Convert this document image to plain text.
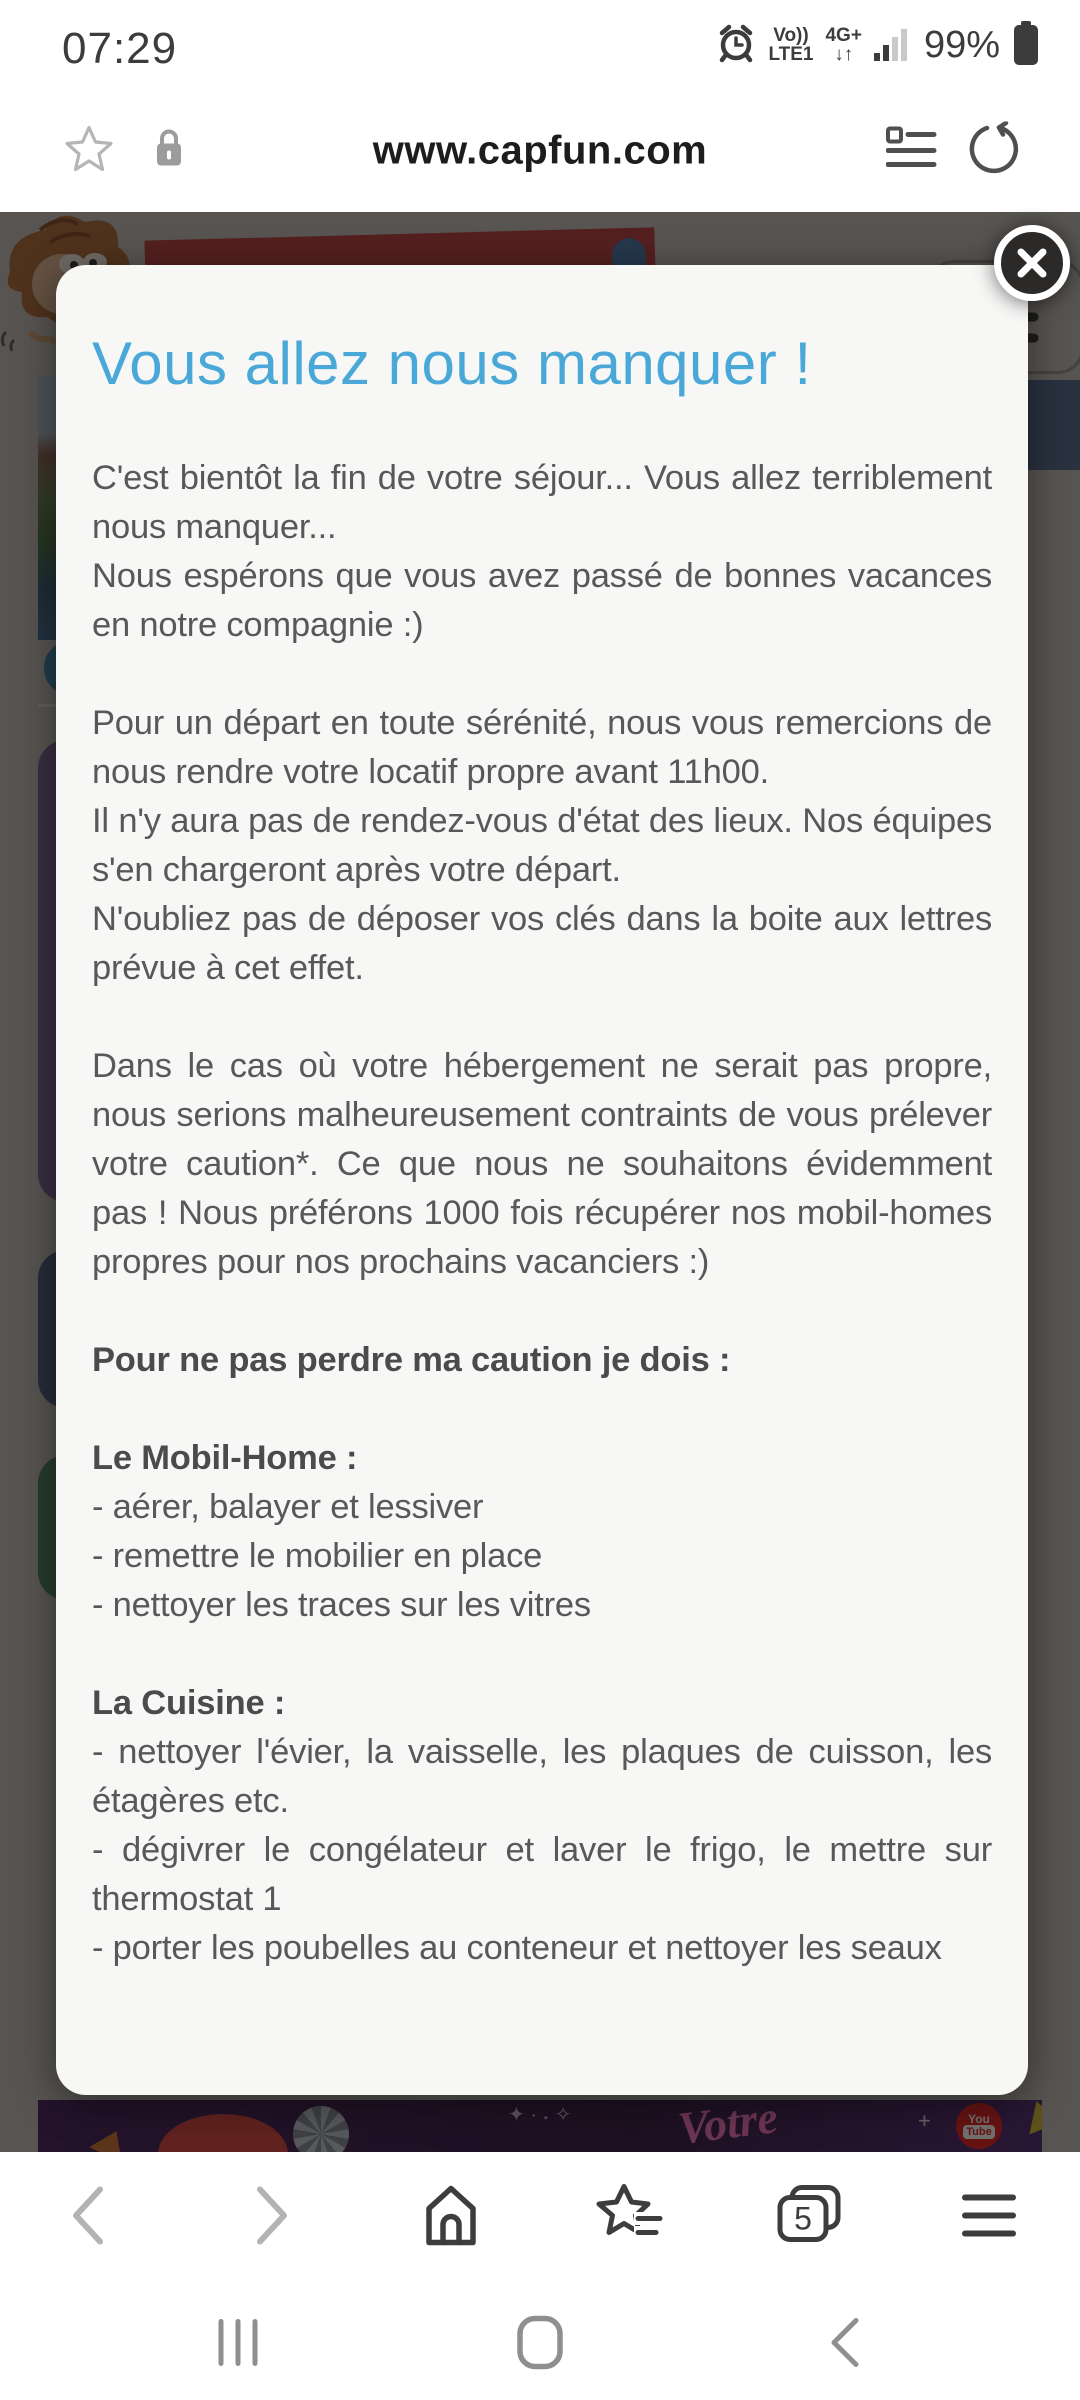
07:29	Vo))
LTE1
4G+
↓↑ 99%
www.capfun.com
Vous allez nous manquer !
C'est bientôt la fin de votre séjour... Vous allez terriblement nous manquer...
Nous espérons que vous avez passé de bonnes vacances en notre compagnie :)
Pour un départ en toute sérénité, nous vous remercions de nous rendre votre locatif propre avant 11h00.
Il n'y aura pas de rendez-vous d'état des lieux. Nos équipes s'en chargeront après votre départ.
N'oubliez pas de déposer vos clés dans la boite aux lettres prévue à cet effet.
Dans le cas où votre hébergement ne serait pas propre, nous serions malheureusement contraints de vous prélever votre caution*. Ce que nous ne souhaitons évidemment pas ! Nous préférons 1000 fois récupérer nos mobil-homes propres pour nos prochains vacanciers :)
Pour ne pas perdre ma caution je dois :
Le Mobil-Home :
- aérer, balayer et lessiver
- remettre le mobilier en place
- nettoyer les traces sur les vitres
La Cuisine :
- nettoyer l'évier, la vaisselle, les plaques de cuisson, les étagères etc.
- dégivrer le congélateur et laver le frigo, le mettre sur thermostat 1
- porter les poubelles au conteneur et nettoyer les seaux
5
